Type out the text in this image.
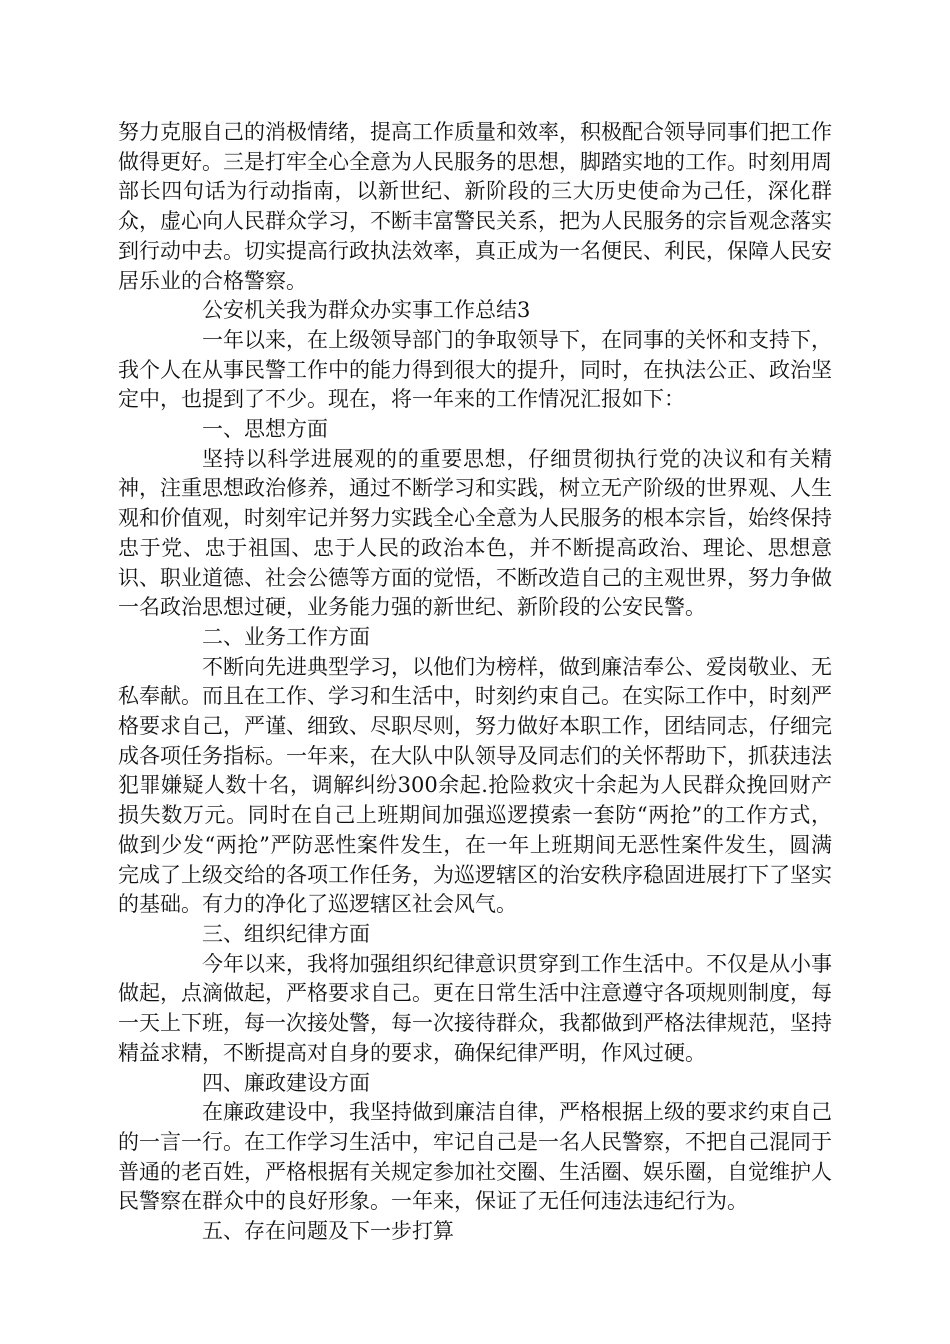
努力克服自己的消极情绪，提高工作质量和效率，积极配合领导同事们把工作做得更好。三是打牢全心全意为人民服务的思想，脚踏实地的工作。时刻用周部长四句话为行动指南，以新世纪、新阶段的三大历史使命为己任，深化群众，虚心向人民群众学习，不断丰富警民关系，把为人民服务的宗旨观念落实到行动中去。切实提高行政执法效率，真正成为一名便民、利民，保障人民安居乐业的合格警察。

公安机关我为群众办实事工作总结3

一年以来，在上级领导部门的争取领导下，在同事的关怀和支持下，我个人在从事民警工作中的能力得到很大的提升，同时，在执法公正、政治坚定中，也提到了不少。现在，将一年来的工作情况汇报如下：

一、思想方面

坚持以科学进展观的的重要思想，仔细贯彻执行党的决议和有关精神，注重思想政治修养，通过不断学习和实践，树立无产阶级的世界观、人生观和价值观，时刻牢记并努力实践全心全意为人民服务的根本宗旨，始终保持忠于党、忠于祖国、忠于人民的政治本色，并不断提高政治、理论、思想意识、职业道德、社会公德等方面的觉悟，不断改造自己的主观世界，努力争做一名政治思想过硬，业务能力强的新世纪、新阶段的公安民警。

二、业务工作方面

不断向先进典型学习，以他们为榜样，做到廉洁奉公、爱岗敬业、无私奉献。而且在工作、学习和生活中，时刻约束自己。在实际工作中，时刻严格要求自己，严谨、细致、尽职尽则，努力做好本职工作，团结同志，仔细完成各项任务指标。一年来，在大队中队领导及同志们的关怀帮助下，抓获违法犯罪嫌疑人数十名，调解纠纷300余起.抢险救灾十余起为人民群众挽回财产损失数万元。同时在自己上班期间加强巡逻摸索一套防“两抢”的工作方式，做到少发“两抢”严防恶性案件发生，在一年上班期间无恶性案件发生，圆满完成了上级交给的各项工作任务，为巡逻辖区的治安秩序稳固进展打下了坚实的基础。有力的净化了巡逻辖区社会风气。

三、组织纪律方面

今年以来，我将加强组织纪律意识贯穿到工作生活中。不仅是从小事做起，点滴做起，严格要求自己。更在日常生活中注意遵守各项规则制度，每一天上下班，每一次接处警，每一次接待群众，我都做到严格法律规范，坚持精益求精，不断提高对自身的要求，确保纪律严明，作风过硬。

四、廉政建设方面

在廉政建设中，我坚持做到廉洁自律，严格根据上级的要求约束自己的一言一行。在工作学习生活中，牢记自己是一名人民警察，不把自己混同于普通的老百姓，严格根据有关规定参加社交圈、生活圈、娱乐圈，自觉维护人民警察在群众中的良好形象。一年来，保证了无任何违法违纪行为。

五、存在问题及下一步打算
